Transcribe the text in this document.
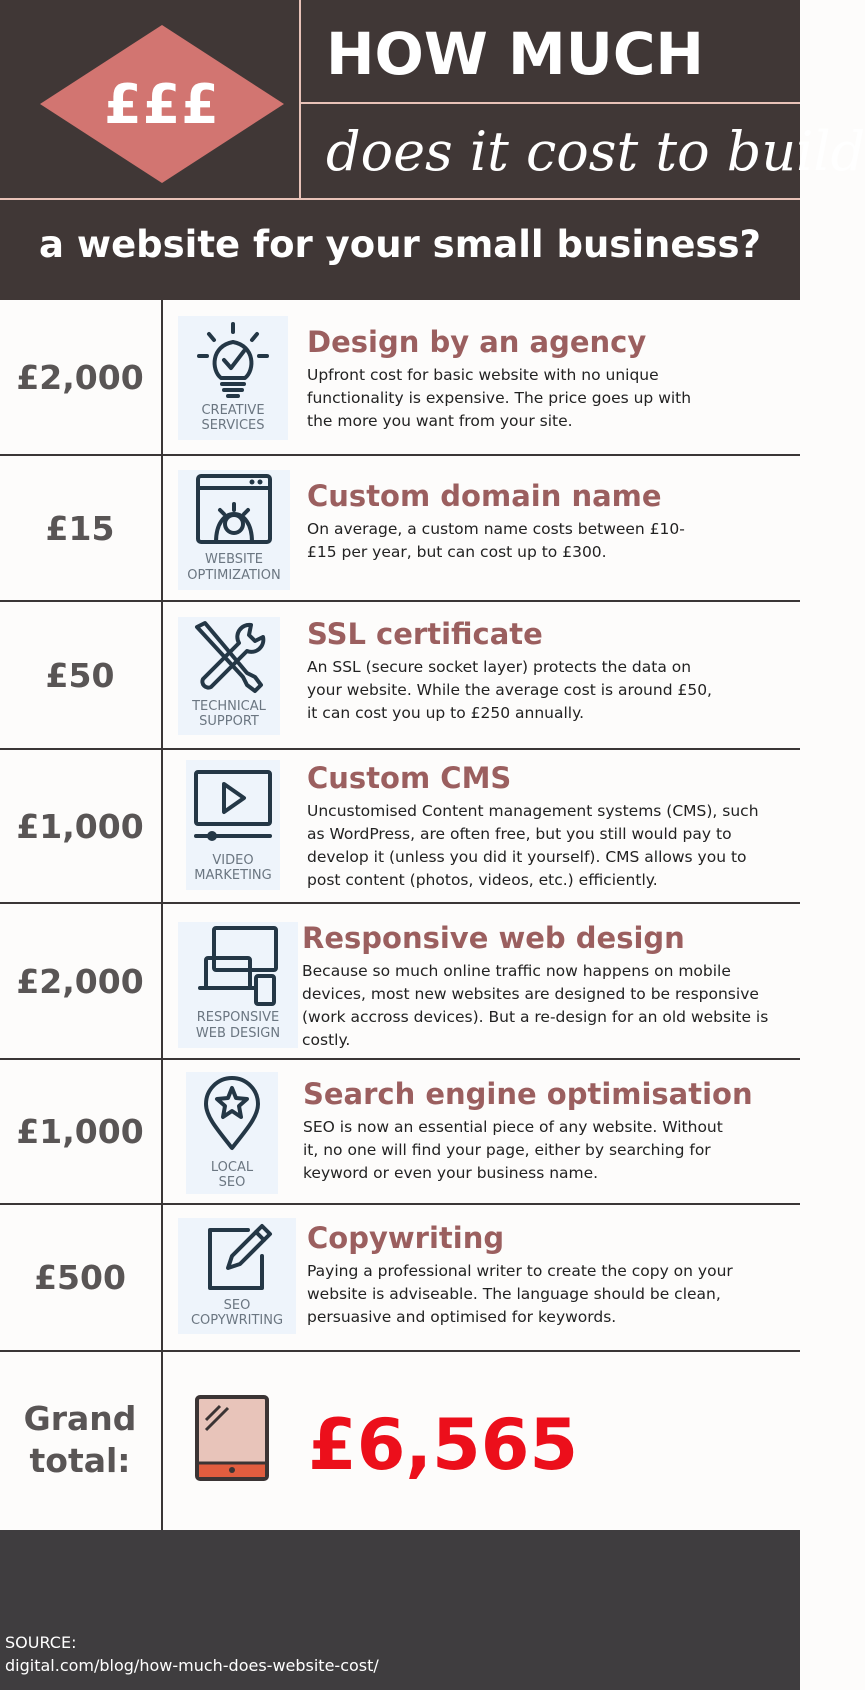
£££
HOW MUCH
does it cost to build
a website for your small business?
£2,000
CREATIVE
SERVICES
Design by an agency
Upfront cost for basic website with no unique functionality is expensive. The price goes up with the more you want from your site.
£15
WEBSITE
OPTIMIZATION
Custom domain name
On average, a custom name costs between £10-£15 per year, but can cost up to £300.
£50
TECHNICAL
SUPPORT
SSL certificate
An SSL (secure socket layer) protects the data on your website. While the average cost is around £50, it can cost you up to £250 annually.
£1,000
VIDEO
MARKETING
Custom CMS
Uncustomised Content management systems (CMS), such as WordPress, are often free, but you still would pay to develop it (unless you did it yourself). CMS allows you to post content (photos, videos, etc.) efficiently.
£2,000
RESPONSIVE
WEB DESIGN
Responsive web design
Because so much online traffic now happens on mobile devices, most new websites are designed to be responsive (work accross devices). But a re-design for an old website is costly.
£1,000
LOCAL
SEO
Search engine optimisation
SEO is now an essential piece of any website. Without it, no one will find your page, either by searching for keyword or even your business name.
£500
SEO
COPYWRITING
Copywriting
Paying a professional writer to create the copy on your website is adviseable. The language should be clean, persuasive and optimised for keywords.
Grand
total:	£6,565
SOURCE:
digital.com/blog/how-much-does-website-cost/
